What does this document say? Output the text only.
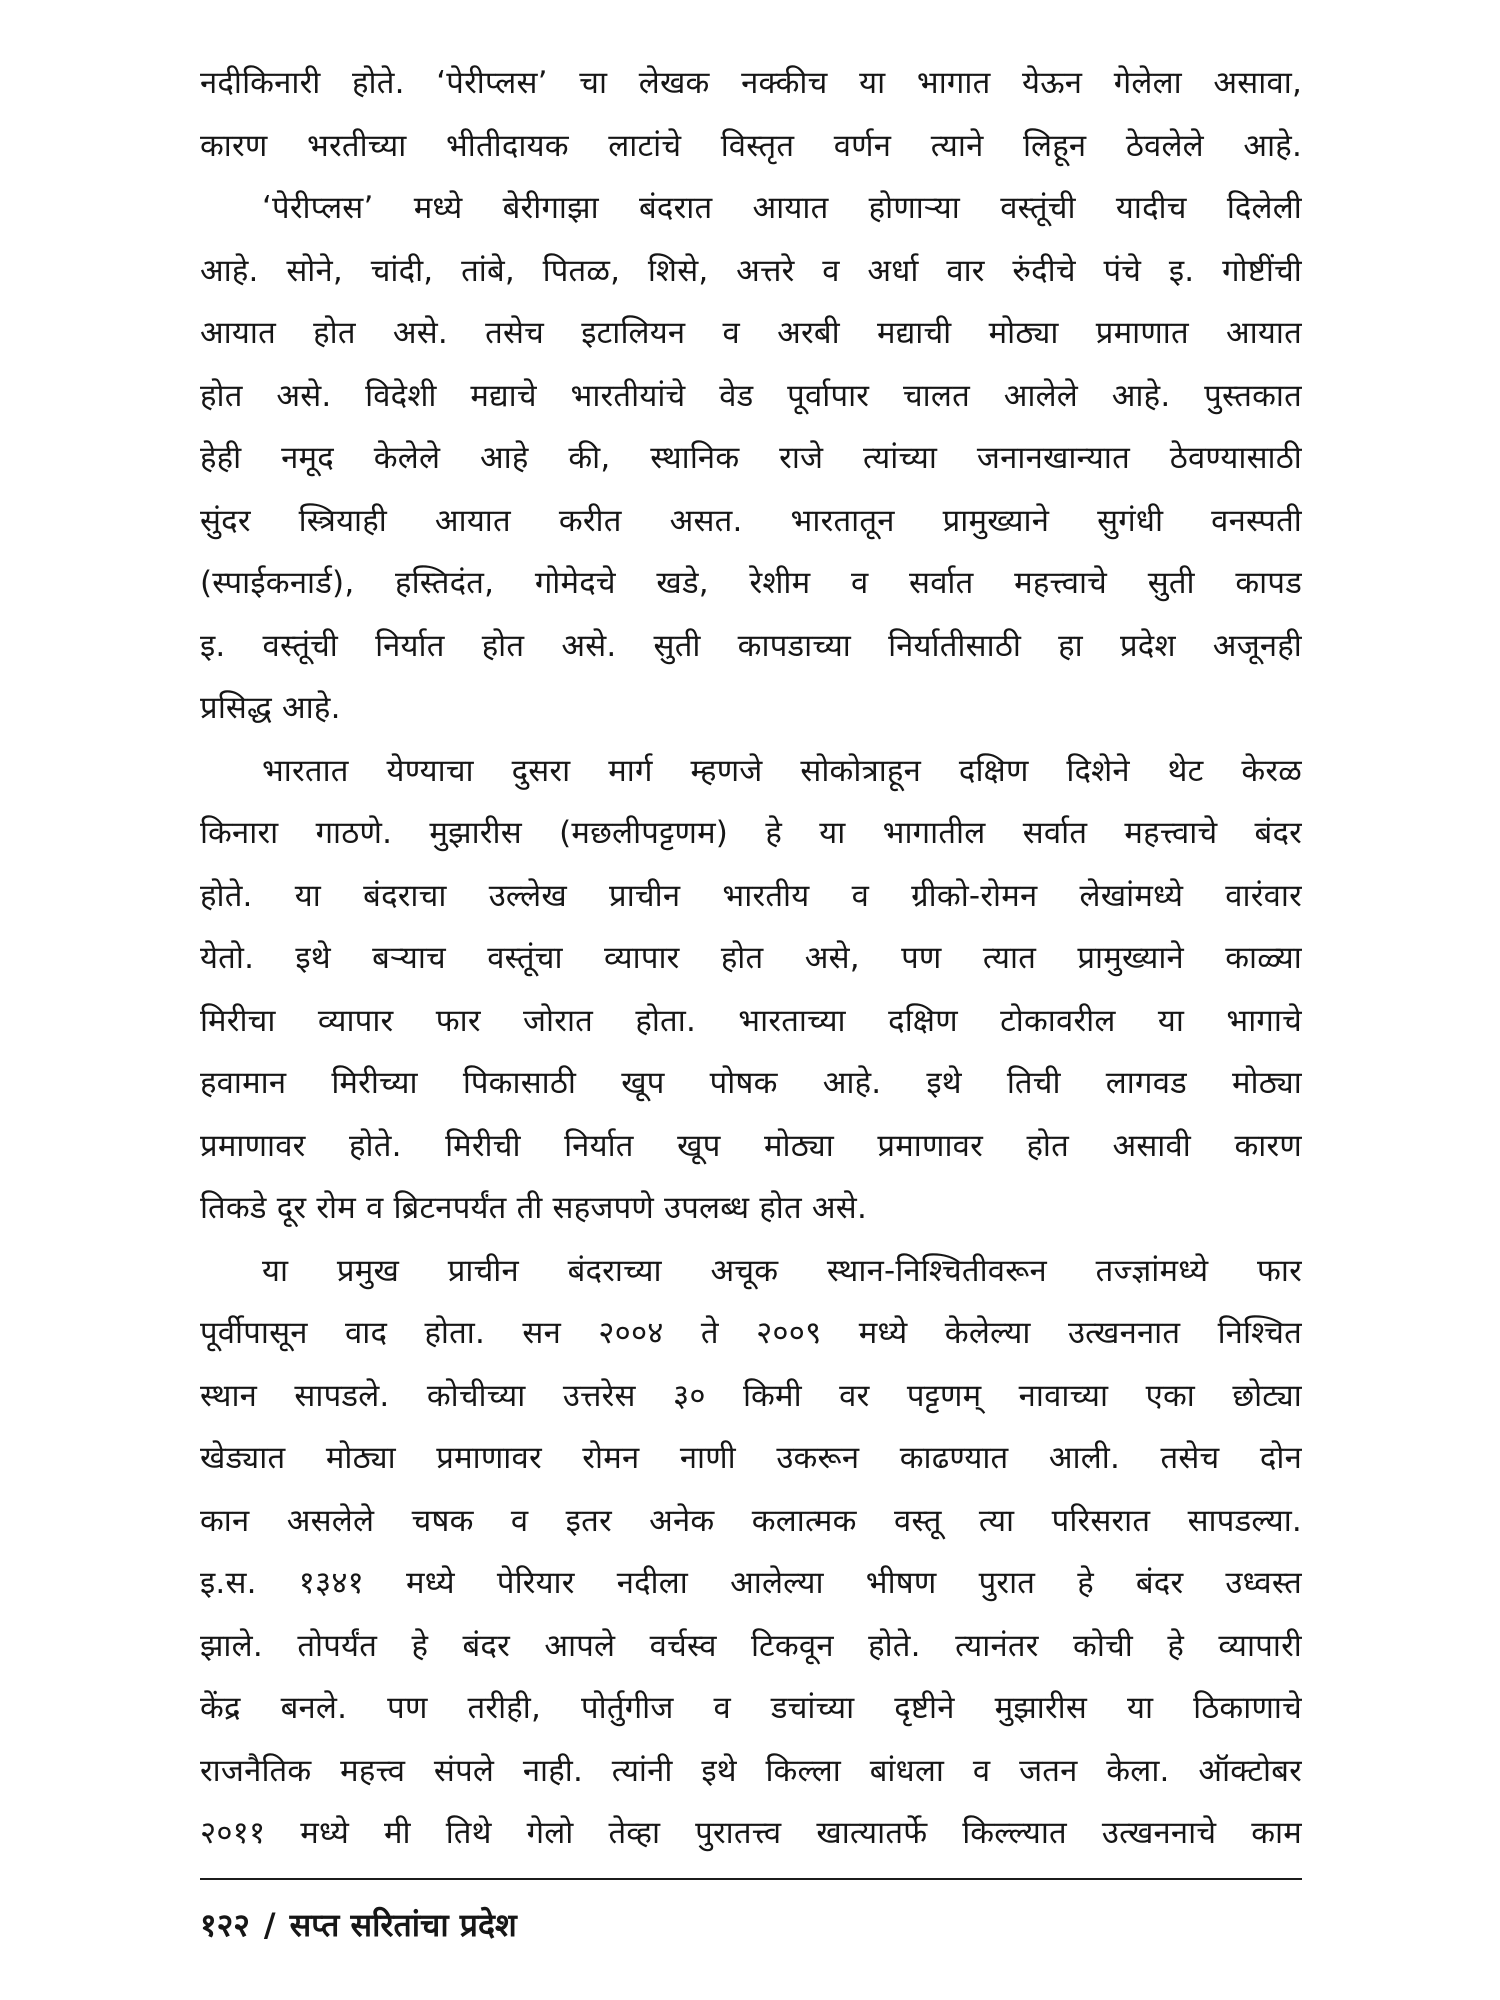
नदीकिनारी होते. ‘पेरीप्लस’ चा लेखक नक्कीच या भागात येऊन गेलेला असावा,
कारण भरतीच्या भीतीदायक लाटांचे विस्तृत वर्णन त्याने लिहून ठेवलेले आहे.
‘पेरीप्लस’ मध्ये बेरीगाझा बंदरात आयात होणाऱ्या वस्तूंची यादीच दिलेली
आहे. सोने, चांदी, तांबे, पितळ, शिसे, अत्तरे व अर्धा वार रुंदीचे पंचे इ. गोष्टींची
आयात होत असे. तसेच इटालियन व अरबी मद्याची मोठ्या प्रमाणात आयात
होत असे. विदेशी मद्याचे भारतीयांचे वेड पूर्वापार चालत आलेले आहे. पुस्तकात
हेही नमूद केलेले आहे की, स्थानिक राजे त्यांच्या जनानखान्यात ठेवण्यासाठी
सुंदर स्त्रियाही आयात करीत असत. भारतातून प्रामुख्याने सुगंधी वनस्पती
(स्पाईकनार्ड), हस्तिदंत, गोमेदचे खडे, रेशीम व सर्वात महत्त्वाचे सुती कापड
इ. वस्तूंची निर्यात होत असे. सुती कापडाच्या निर्यातीसाठी हा प्रदेश अजूनही
प्रसिद्ध आहे.
भारतात येण्याचा दुसरा मार्ग म्हणजे सोकोत्राहून दक्षिण दिशेने थेट केरळ
किनारा गाठणे. मुझारीस (मछलीपट्टणम) हे या भागातील सर्वात महत्त्वाचे बंदर
होते. या बंदराचा उल्लेख प्राचीन भारतीय व ग्रीको-रोमन लेखांमध्ये वारंवार
येतो. इथे बऱ्याच वस्तूंचा व्यापार होत असे, पण त्यात प्रामुख्याने काळ्या
मिरीचा व्यापार फार जोरात होता. भारताच्या दक्षिण टोकावरील या भागाचे
हवामान मिरीच्या पिकासाठी खूप पोषक आहे. इथे तिची लागवड मोठ्या
प्रमाणावर होते. मिरीची निर्यात खूप मोठ्या प्रमाणावर होत असावी कारण
तिकडे दूर रोम व ब्रिटनपर्यंत ती सहजपणे उपलब्ध होत असे.
या प्रमुख प्राचीन बंदराच्या अचूक स्थान-निश्चितीवरून तज्ज्ञांमध्ये फार
पूर्वीपासून वाद होता. सन २००४ ते २००९ मध्ये केलेल्या उत्खननात निश्चित
स्थान सापडले. कोचीच्या उत्तरेस ३० किमी वर पट्टणम् नावाच्या एका छोट्या
खेड्यात मोठ्या प्रमाणावर रोमन नाणी उकरून काढण्यात आली. तसेच दोन
कान असलेले चषक व इतर अनेक कलात्मक वस्तू त्या परिसरात सापडल्या.
इ.स. १३४१ मध्ये पेरियार नदीला आलेल्या भीषण पुरात हे बंदर उध्वस्त
झाले. तोपर्यंत हे बंदर आपले वर्चस्व टिकवून होते. त्यानंतर कोची हे व्यापारी
केंद्र बनले. पण तरीही, पोर्तुगीज व डचांच्या दृष्टीने मुझारीस या ठिकाणाचे
राजनैतिक महत्त्व संपले नाही. त्यांनी इथे किल्ला बांधला व जतन केला. ऑक्टोबर
२०११ मध्ये मी तिथे गेलो तेव्हा पुरातत्त्व खात्यातर्फे किल्ल्यात उत्खननाचे काम
१२२ / सप्त सरितांचा प्रदेश
